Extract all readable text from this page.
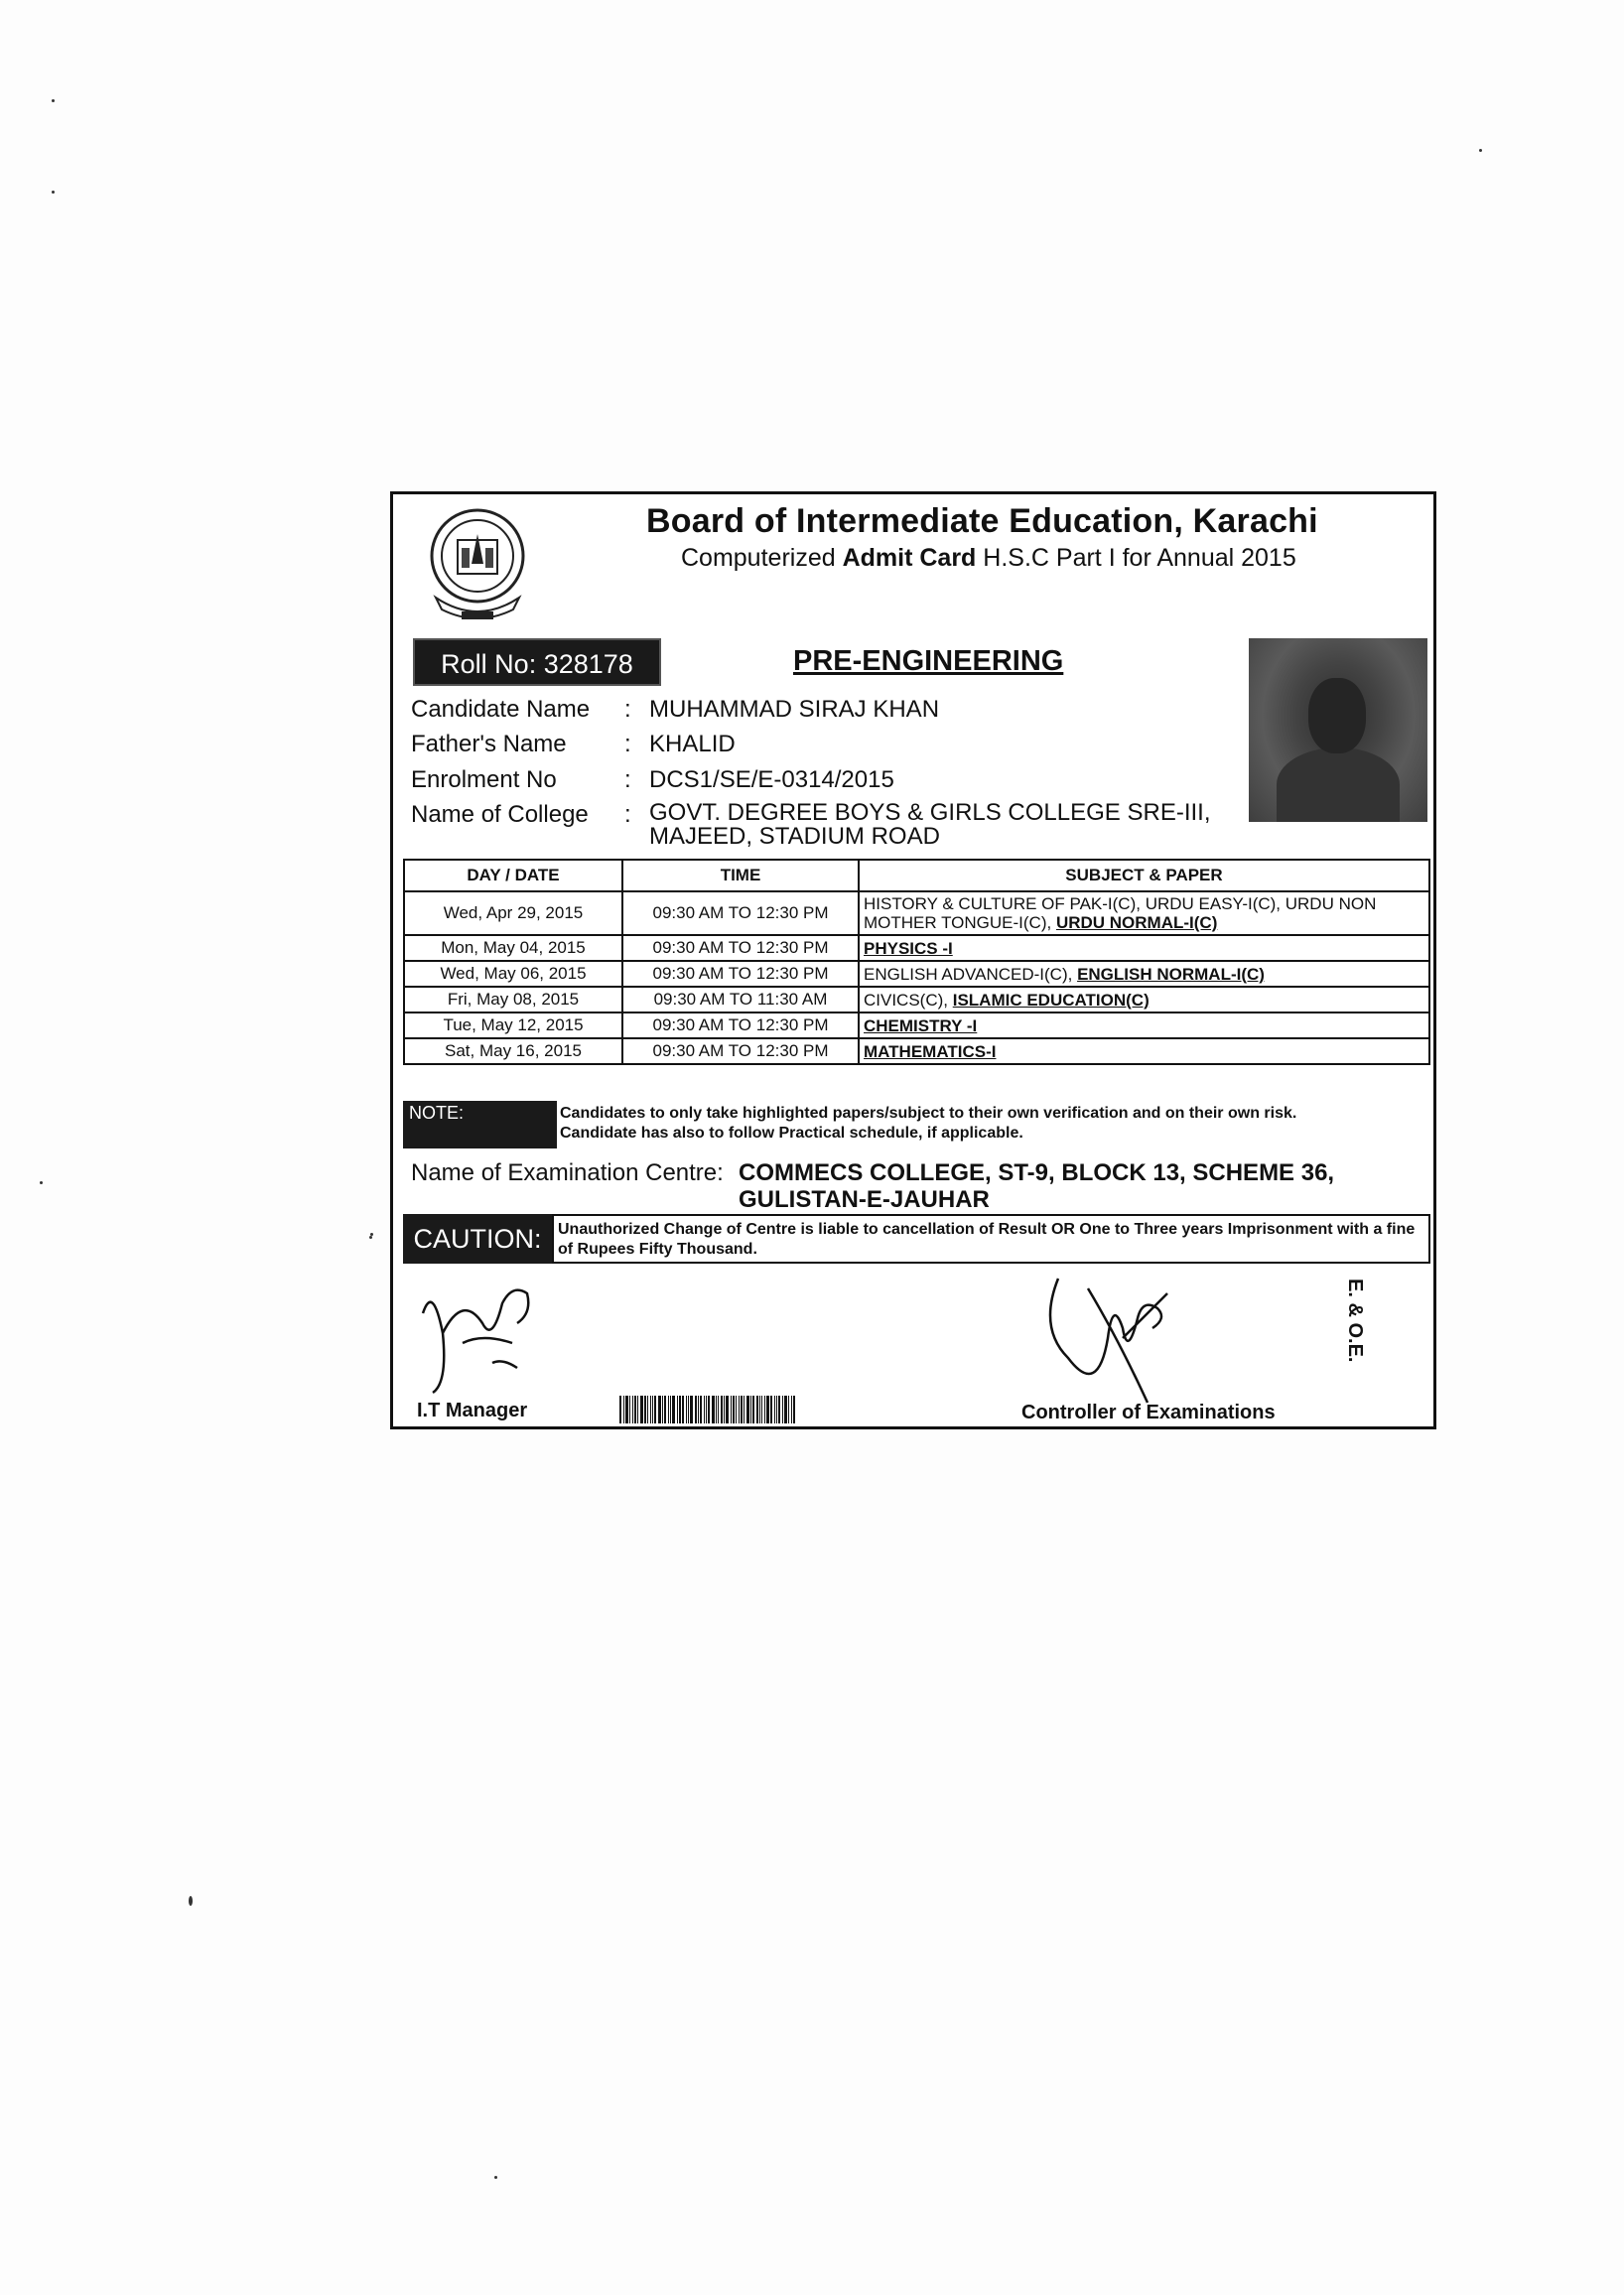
Board of Intermediate Education, Karachi
Computerized Admit Card H.S.C Part I for Annual 2015
Roll No: 328178	PRE-ENGINEERING
Candidate Name : MUHAMMAD SIRAJ KHAN
Father's Name : KHALID
Enrolment No	: DCS1/SE/E-0314/2015
Name of College : GOVT. DEGREE BOYS & GIRLS COLLEGE SRE-III,
MAJEED, STADIUM ROAD
DAY / DATE	TIME	SUBJECT & PAPER
Wed, Apr 29, 2015	09:30 AM TO 12:30 PM	HISTORY & CULTURE OF PAK-I(C), URDU EASY-I(C), URDU NON MOTHER TONGUE-I(C), URDU NORMAL-I(C)
Mon, May 04, 2015	09:30 AM TO 12:30 PM	PHYSICS -I
Wed, May 06, 2015	09:30 AM TO 12:30 PM	ENGLISH ADVANCED-I(C), ENGLISH NORMAL-I(C)
Fri, May 08, 2015	09:30 AM TO 11:30 AM	CIVICS(C), ISLAMIC EDUCATION(C)
Tue, May 12, 2015	09:30 AM TO 12:30 PM	CHEMISTRY -I
Sat, May 16, 2015	09:30 AM TO 12:30 PM	MATHEMATICS-I
NOTE:	Candidates to only take highlighted papers/subject to their own verification and on their own risk.
Candidate has also to follow Practical schedule, if applicable.
Name of Examination Centre: COMMECS COLLEGE, ST-9, BLOCK 13, SCHEME 36,
GULISTAN-E-JAUHAR
CAUTION:	Unauthorized Change of Centre is liable to cancellation of Result OR One to Three years Imprisonment with a fine of Rupees Fifty Thousand.
I.T Manager	Controller of Examinations
E. & O.E.
